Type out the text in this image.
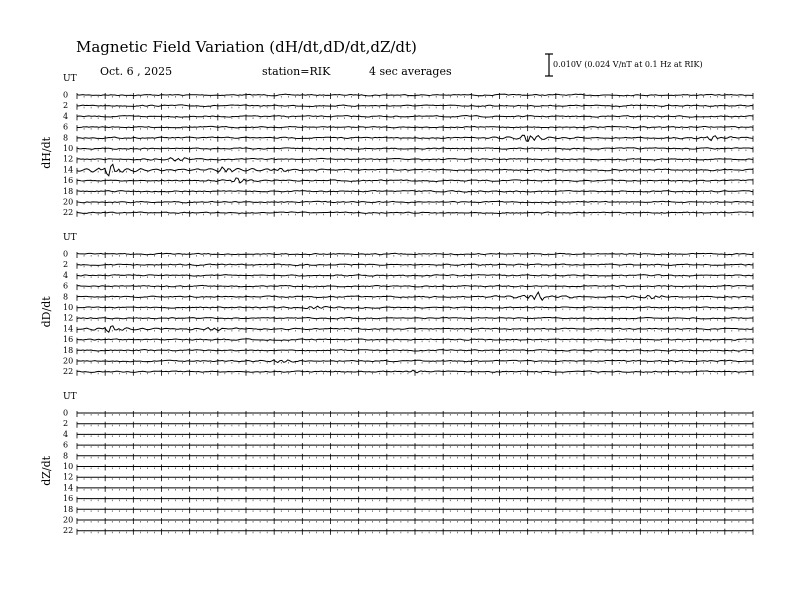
Magnetic Field Variation (dH/dt,dD/dt,dZ/dt)
Oct. 6 , 2025	station=RIK	4 sec averages
0.010V (0.024 V/nT at 0.1 Hz at RIK)
UT
dH/dt
0
2
4
6
8
10
12
14
16
18
20
22
UT
dD/dt
0
2
4
6
8
10
12
14
16
18
20
22
UT
dZ/dt
0
2
4
6
8
10
12
14
16
18
20
22
